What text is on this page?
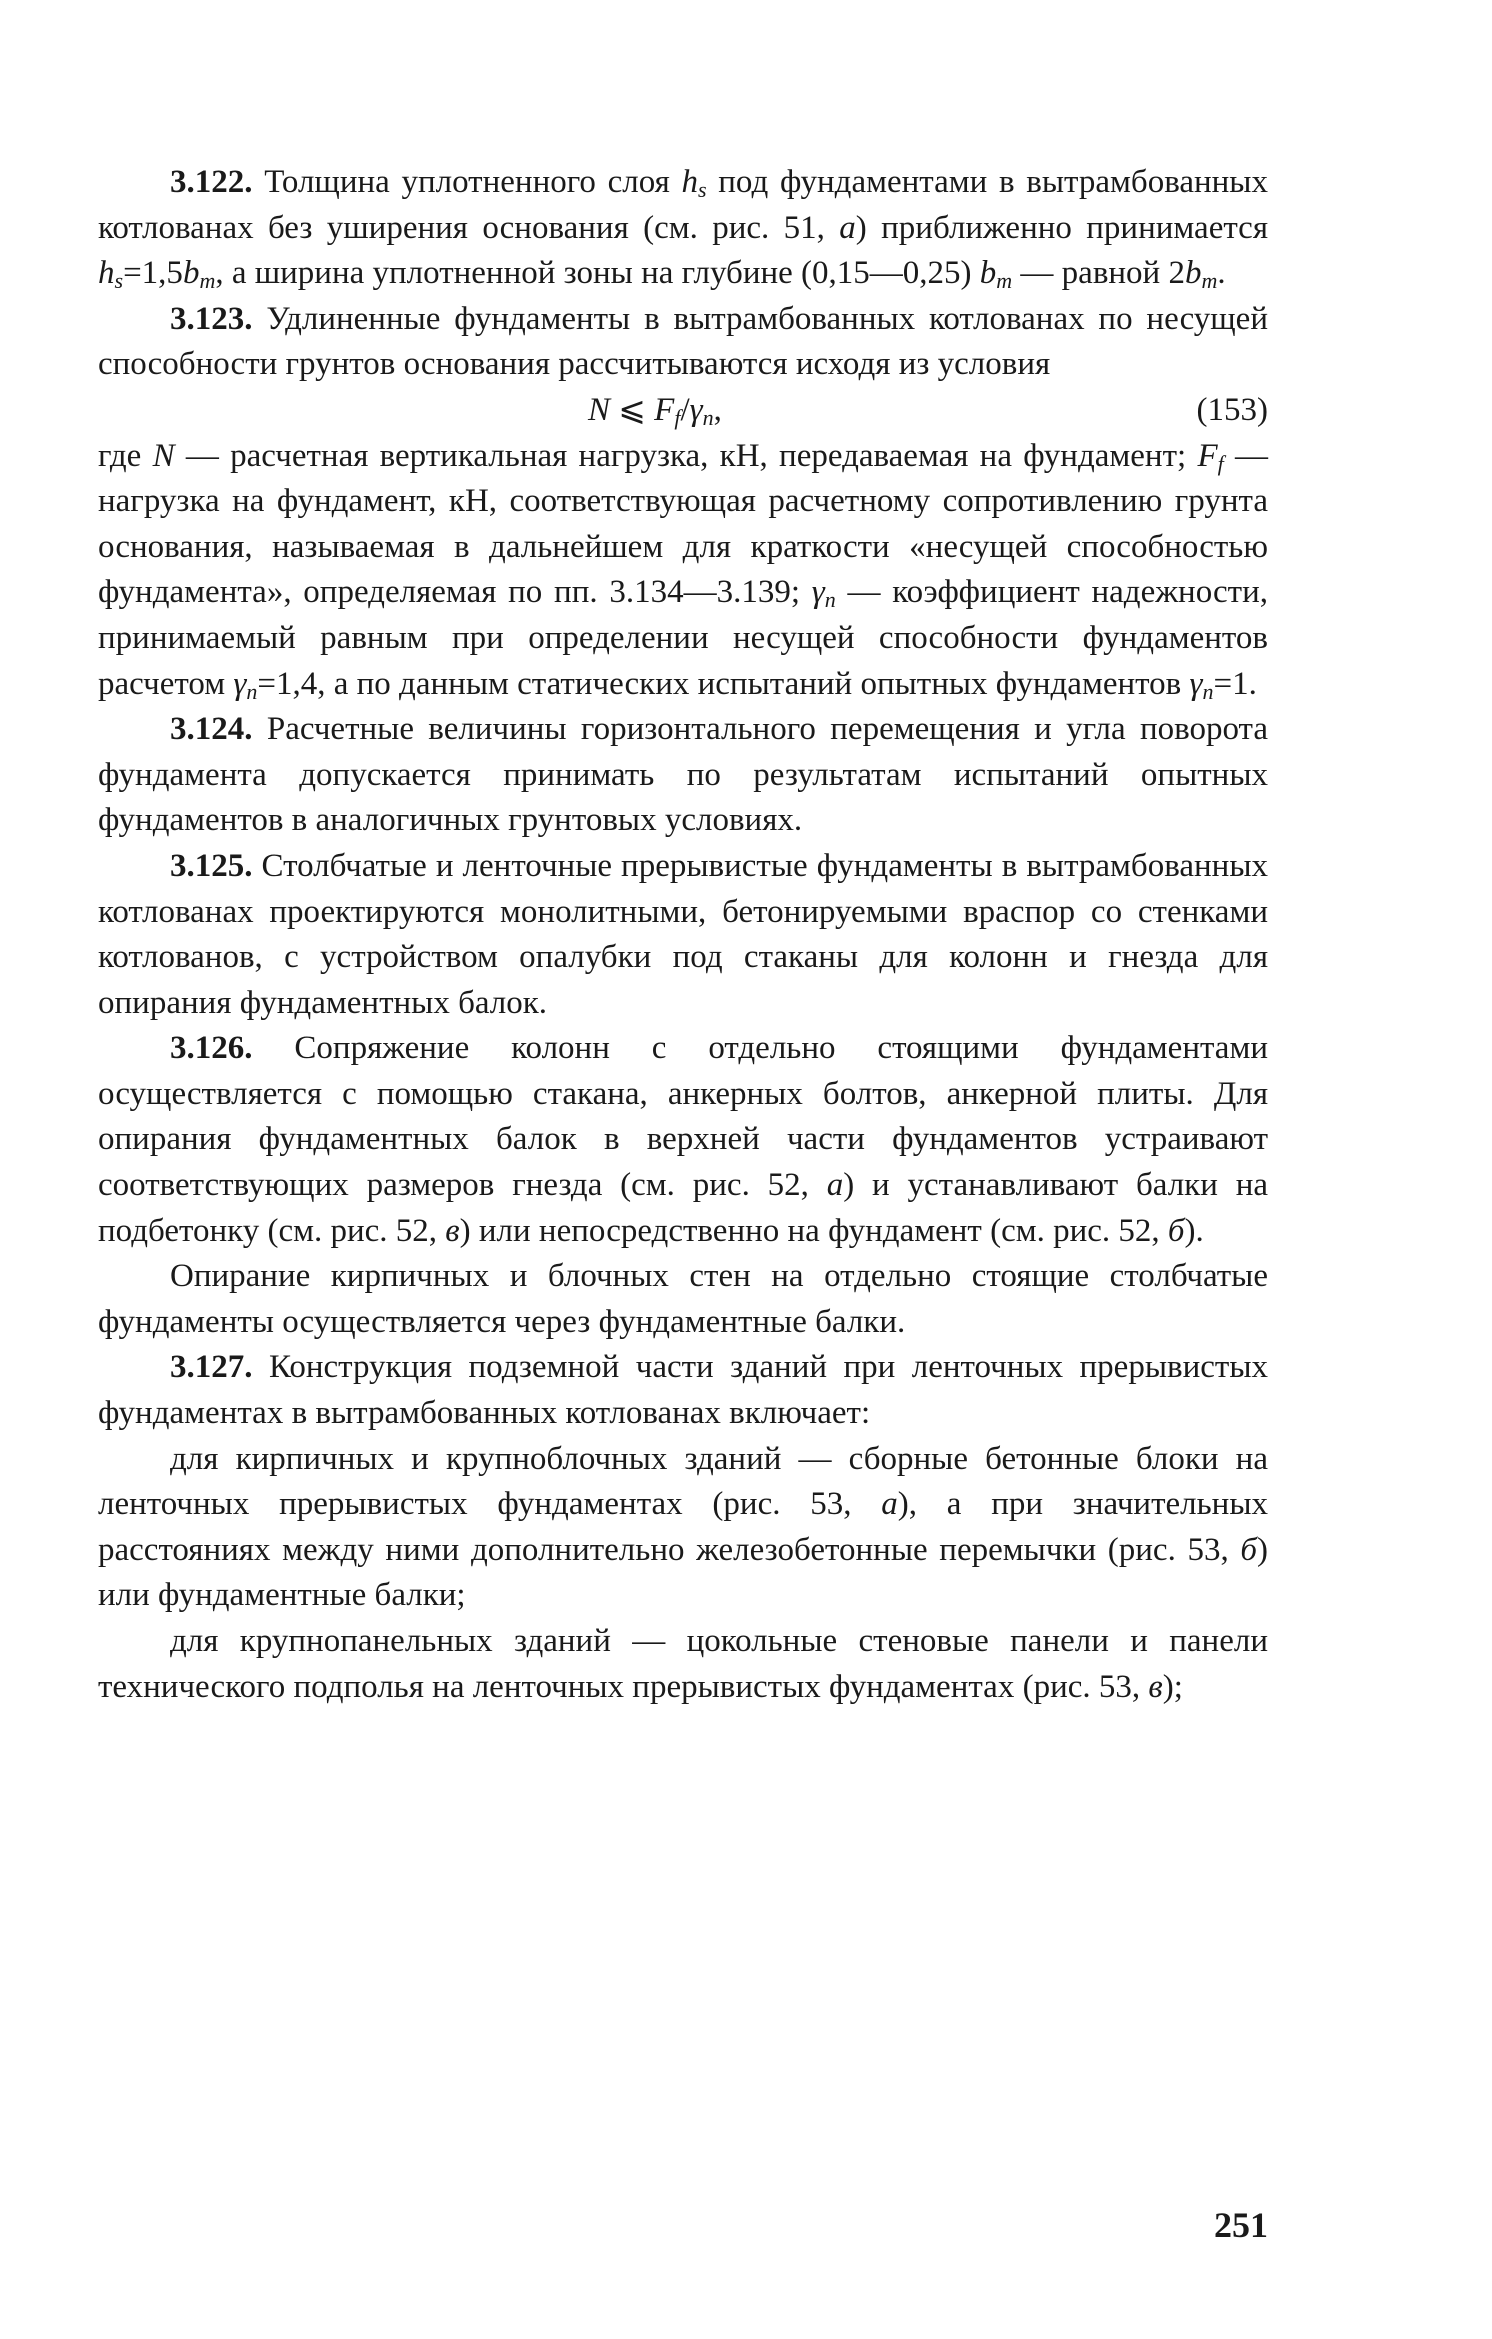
3.122. Толщина уплотненного слоя $h_s$ под фундаментами в вытрамбованных котлованах без уширения основания (см. рис. 51, а) приближенно принимается $h_s=1,5b_m$, а ширина уплотненной зоны на глубине (0,15—0,25) $b_m$ — равной $2b_m$.

3.123. Удлиненные фундаменты в вытрамбованных котлованах по несущей способности грунтов основания рассчитываются исходя из условия

N ⩽ $F_f/\gamma_n$,	(153)

где N — расчетная вертикальная нагрузка, кН, передаваемая на фундамент; $F_f$ — нагрузка на фундамент, кН, соответствующая расчетному сопротивлению грунта основания, называемая в дальнейшем для краткости «несущей способностью фундамента», определяемая по пп. 3.134—3.139; $\gamma_n$ — коэффициент надежности, принимаемый равным при определении несущей способности фундаментов расчетом $\gamma_n=1,4$, а по данным статических испытаний опытных фундаментов $\gamma_n=1$.

3.124. Расчетные величины горизонтального перемещения и угла поворота фундамента допускается принимать по результатам испытаний опытных фундаментов в аналогичных грунтовых условиях.

3.125. Столбчатые и ленточные прерывистые фундаменты в вытрамбованных котлованах проектируются монолитными, бетонируемыми враспор со стенками котлованов, с устройством опалубки под стаканы для колонн и гнезда для опирания фундаментных балок.

3.126. Сопряжение колонн с отдельно стоящими фундаментами осуществляется с помощью стакана, анкерных болтов, анкерной плиты. Для опирания фундаментных балок в верхней части фундаментов устраивают соответствующих размеров гнезда (см. рис. 52, а) и устанавливают балки на подбетонку (см. рис. 52, в) или непосредственно на фундамент (см. рис. 52, б).

Опирание кирпичных и блочных стен на отдельно стоящие столбчатые фундаменты осуществляется через фундаментные балки.

3.127. Конструкция подземной части зданий при ленточных прерывистых фундаментах в вытрамбованных котлованах включает:

для кирпичных и крупноблочных зданий — сборные бетонные блоки на ленточных прерывистых фундаментах (рис. 53, а), а при значительных расстояниях между ними дополнительно железобетонные перемычки (рис. 53, б) или фундаментные балки;

для крупнопанельных зданий — цокольные стеновые панели и панели технического подполья на ленточных прерывистых фундаментах (рис. 53, в);

251
